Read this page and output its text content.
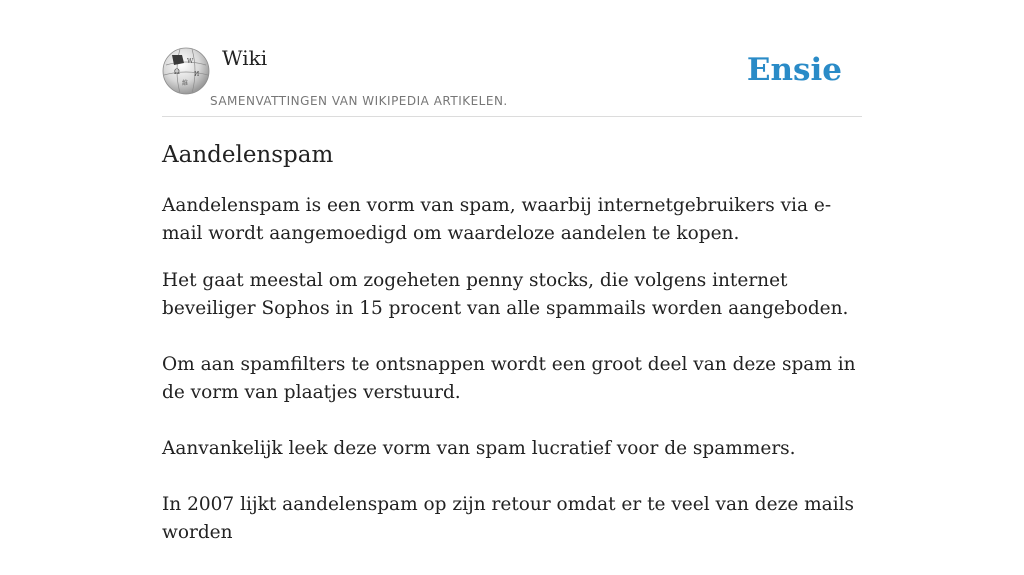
W
Ω И
維
Wiki
SAMENVATTINGEN VAN WIKIPEDIA ARTIKELEN.
Ensie
Aandelenspam

Aandelenspam is een vorm van spam, waarbij internetgebruikers via e-mail wordt aangemoedigd om waardeloze aandelen te kopen.

Het gaat meestal om zogeheten penny stocks, die volgens internet beveiliger Sophos in 15 procent van alle spammails worden aangeboden.

Om aan spamfilters te ontsnappen wordt een groot deel van deze spam in de vorm van plaatjes verstuurd.

Aanvankelijk leek deze vorm van spam lucratief voor de spammers.

In 2007 lijkt aandelenspam op zijn retour omdat er te veel van deze mails worden
